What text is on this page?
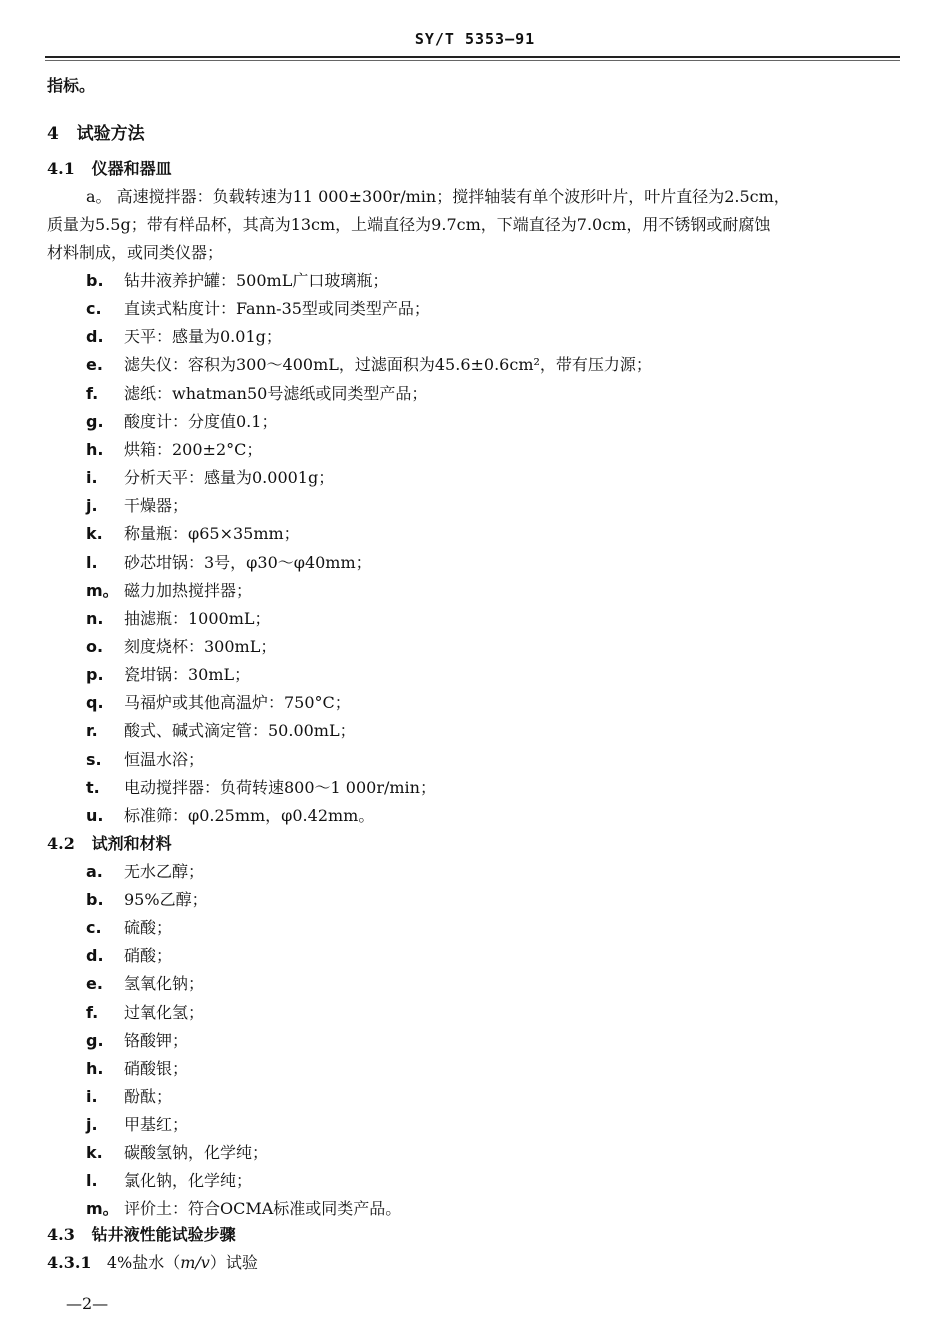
SY/T 5353—91
指标。
4 试验方法
4.1 仪器和器皿
a。 高速搅拌器：负载转速为11 000±300r/min；搅拌轴装有单个波形叶片，叶片直径为2.5cm，
质量为5.5g；带有样品杯，其高为13cm，上端直径为9.7cm，下端直径为7.0cm，用不锈钢或耐腐蚀
材料制成，或同类仪器；
b. 钻井液养护罐：500mL广口玻璃瓶；
c. 直读式粘度计：Fann-35型或同类型产品；
d. 天平：感量为0.01g；
e. 滤失仪：容积为300～400mL，过滤面积为45.6±0.6cm²，带有压力源；
f. 滤纸：whatman50号滤纸或同类型产品；
g. 酸度计：分度值0.1；
h. 烘箱：200±2°C；
i. 分析天平：感量为0.0001g；
j. 干燥器；
k. 称量瓶：φ65×35mm；
l. 砂芯坩锅：3号，φ30～φ40mm；
m。 磁力加热搅拌器；
n. 抽滤瓶：1000mL；
o. 刻度烧杯：300mL；
p. 瓷坩锅：30mL；
q. 马福炉或其他高温炉：750°C；
r. 酸式、碱式滴定管：50.00mL；
s. 恒温水浴；
t. 电动搅拌器：负荷转速800～1 000r/min；
u. 标准筛：φ0.25mm，φ0.42mm。
4.2 试剂和材料
a. 无水乙醇；
b. 95%乙醇；
c. 硫酸；
d. 硝酸；
e. 氢氧化钠；
f. 过氧化氢；
g. 铬酸钾；
h. 硝酸银；
i. 酚酞；
j. 甲基红；
k. 碳酸氢钠，化学纯；
l. 氯化钠，化学纯；
m。 评价土：符合OCMA标准或同类产品。
4.3 钻井液性能试验步骤
4.3.1 4%盐水（m/v）试验
—2—
